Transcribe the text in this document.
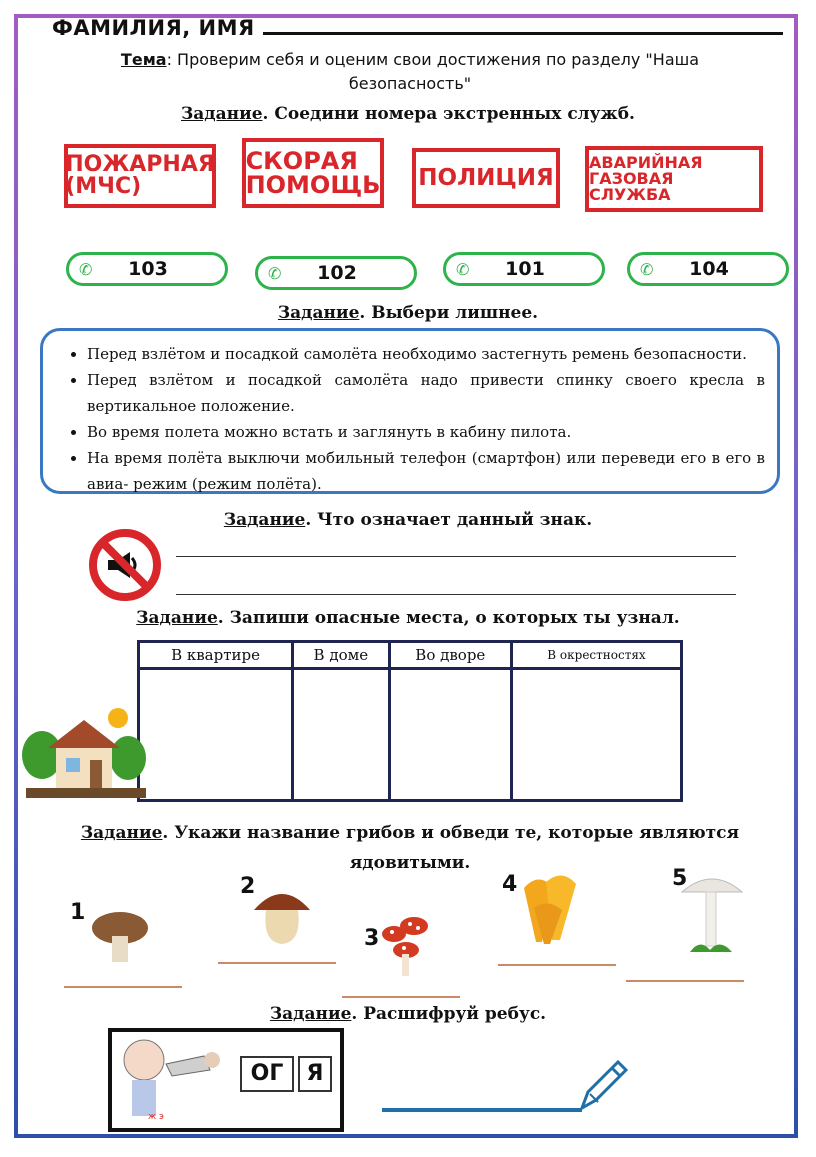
ФАМИЛИЯ, ИМЯ
Тема: Проверим себя и оценим свои достижения по разделу "Наша безопасность"
Задание. Соедини номера экстренных служб.
ПОЖАРНАЯ
(МЧС)
СКОРАЯ
ПОМОЩЬ ПОЛИЦИЯ
АВАРИЙНАЯ
ГАЗОВАЯ СЛУЖБА
✆	103	✆	102	✆	101	✆	104
Задание. Выбери лишнее.
• Перед взлётом и посадкой самолёта необходимо застегнуть ремень безопасности.
• Перед взлётом и посадкой самолёта надо привести спинку своего кресла в вертикальное положение.
• Во время полета можно встать и заглянуть в кабину пилота.
• На время полёта выключи мобильный телефон (смартфон) или переведи его в его в авиа- режим (режим полёта).
Задание. Что означает данный знак.
Задание. Запиши опасные места, о которых ты узнал.
В квартире	В доме	Во дворе	В окрестностях

Задание. Укажи название грибов и обведи те, которые являются ядовитыми.
1
2
3
4	5
Задание. Расшифруй ребус.
ж э
ОГ	Я
